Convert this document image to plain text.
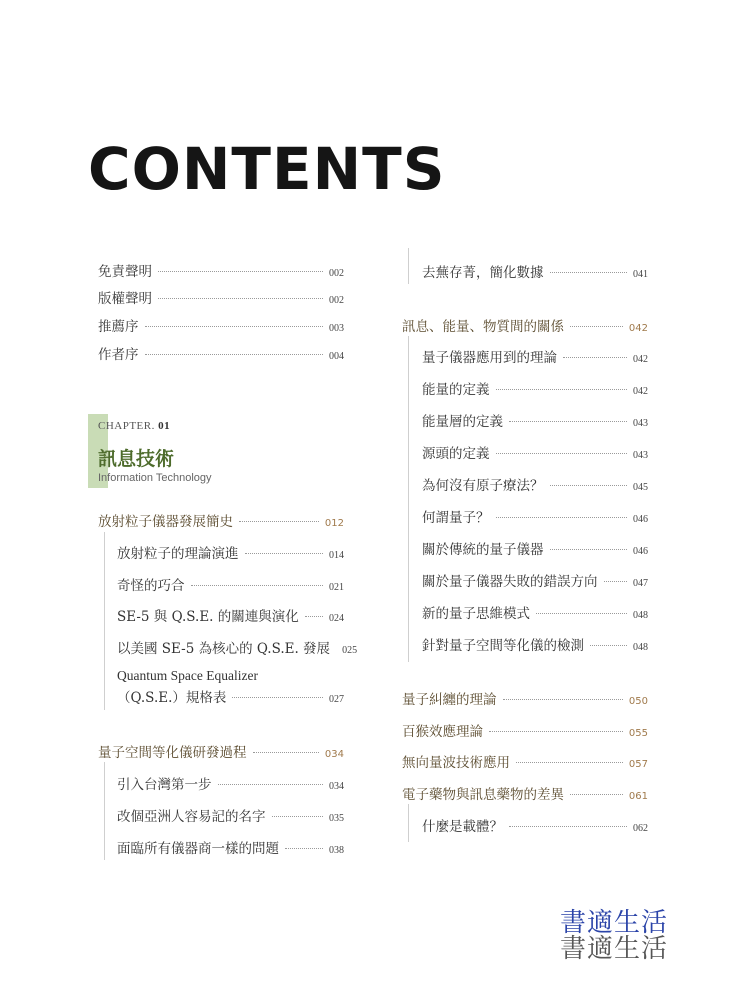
CONTENTS
免責聲明	002
版權聲明	002
推薦序	003
作者序	004
CHAPTER. 01
訊息技術
Information Technology
放射粒子儀器發展簡史	012
放射粒子的理論演進	014
奇怪的巧合	021
SE-5 與 Q.S.E. 的關連與演化	024
以美國 SE-5 為核心的 Q.S.E. 發展 025
Quantum Space Equalizer
（Q.S.E.）規格表	027
量子空間等化儀研發過程	034
引入台灣第一步	034
改個亞洲人容易記的名字	035
面臨所有儀器商一樣的問題	038
去蕪存菁，簡化數據	041
訊息、能量、物質間的關係	042
量子儀器應用到的理論	042
能量的定義	042
能量層的定義	043
源頭的定義	043
為何沒有原子療法？	045
何謂量子？	046
關於傳統的量子儀器	046
關於量子儀器失敗的錯誤方向	047
新的量子思維模式	048
針對量子空間等化儀的檢測	048
量子糾纏的理論	050
百猴效應理論	055
無向量波技術應用	057
電子藥物與訊息藥物的差異	061
什麼是載體？	062
書適生活
書適生活
